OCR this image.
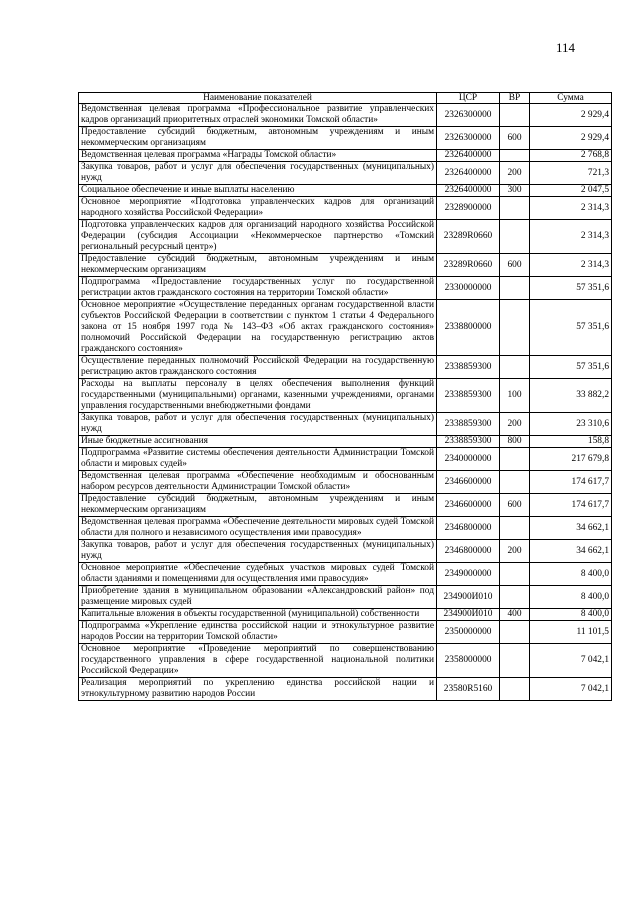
114
Наименование показателей	ЦСР	ВР	Сумма
Ведомственная целевая программа «Профессиональное развитие управленческих кадров организаций приоритетных отраслей экономики Томской области»	2326300000		2 929,4
Предоставление субсидий бюджетным, автономным учреждениям и иным некоммерческим организациям	2326300000	600	2 929,4
Ведомственная целевая программа «Награды Томской области»	2326400000		2 768,8
Закупка товаров, работ и услуг для обеспечения государственных (муниципальных) нужд	2326400000	200	721,3
Социальное обеспечение и иные выплаты населению	2326400000	300	2 047,5
Основное мероприятие «Подготовка управленческих кадров для организаций народного хозяйства Российской Федерации»	2328900000		2 314,3
Подготовка управленческих кадров для организаций народного хозяйства Российской Федерации (субсидия Ассоциации «Некоммерческое партнерство «Томский региональный ресурсный центр»)	23289R0660		2 314,3
Предоставление субсидий бюджетным, автономным учреждениям и иным некоммерческим организациям	23289R0660	600	2 314,3
Подпрограмма «Предоставление государственных услуг по государственной регистрации актов гражданского состояния на территории Томской области»	2330000000		57 351,6
Основное мероприятие «Осуществление переданных органам государственной власти субъектов Российской Федерации в соответствии с пунктом 1 статьи 4 Федерального закона от 15 ноября 1997 года № 143–ФЗ «Об актах гражданского состояния» полномочий Российской Федерации на государственную регистрацию актов гражданского состояния»	2338800000		57 351,6
Осуществление переданных полномочий Российской Федерации на государственную регистрацию актов гражданского состояния	2338859300		57 351,6
Расходы на выплаты персоналу в целях обеспечения выполнения функций государственными (муниципальными) органами, казенными учреждениями, органами управления государственными внебюджетными фондами	2338859300	100	33 882,2
Закупка товаров, работ и услуг для обеспечения государственных (муниципальных) нужд	2338859300	200	23 310,6
Иные бюджетные ассигнования	2338859300	800	158,8
Подпрограмма «Развитие системы обеспечения деятельности Администрации Томской области и мировых судей»	2340000000		217 679,8
Ведомственная целевая программа «Обеспечение необходимым и обоснованным набором ресурсов деятельности Администрации Томской области»	2346600000		174 617,7
Предоставление субсидий бюджетным, автономным учреждениям и иным некоммерческим организациям	2346600000	600	174 617,7
Ведомственная целевая программа «Обеспечение деятельности мировых судей Томской области для полного и независимого осуществления ими правосудия»	2346800000		34 662,1
Закупка товаров, работ и услуг для обеспечения государственных (муниципальных) нужд	2346800000	200	34 662,1
Основное мероприятие «Обеспечение судебных участков мировых судей Томской области зданиями и помещениями для осуществления ими правосудия»	2349000000		8 400,0
Приобретение здания в муниципальном образовании «Александровский район» под размещение мировых судей	234900И010		8 400,0
Капитальные вложения в объекты государственной (муниципальной) собственности	234900И010	400	8 400,0
Подпрограмма «Укрепление единства российской нации и этнокультурное развитие народов России на территории Томской области»	2350000000		11 101,5
Основное мероприятие «Проведение мероприятий по совершенствованию государственного управления в сфере государственной национальной политики Российской Федерации»	2358000000		7 042,1
Реализация мероприятий по укреплению единства российской нации и этнокультурному развитию народов России	23580R5160		7 042,1
